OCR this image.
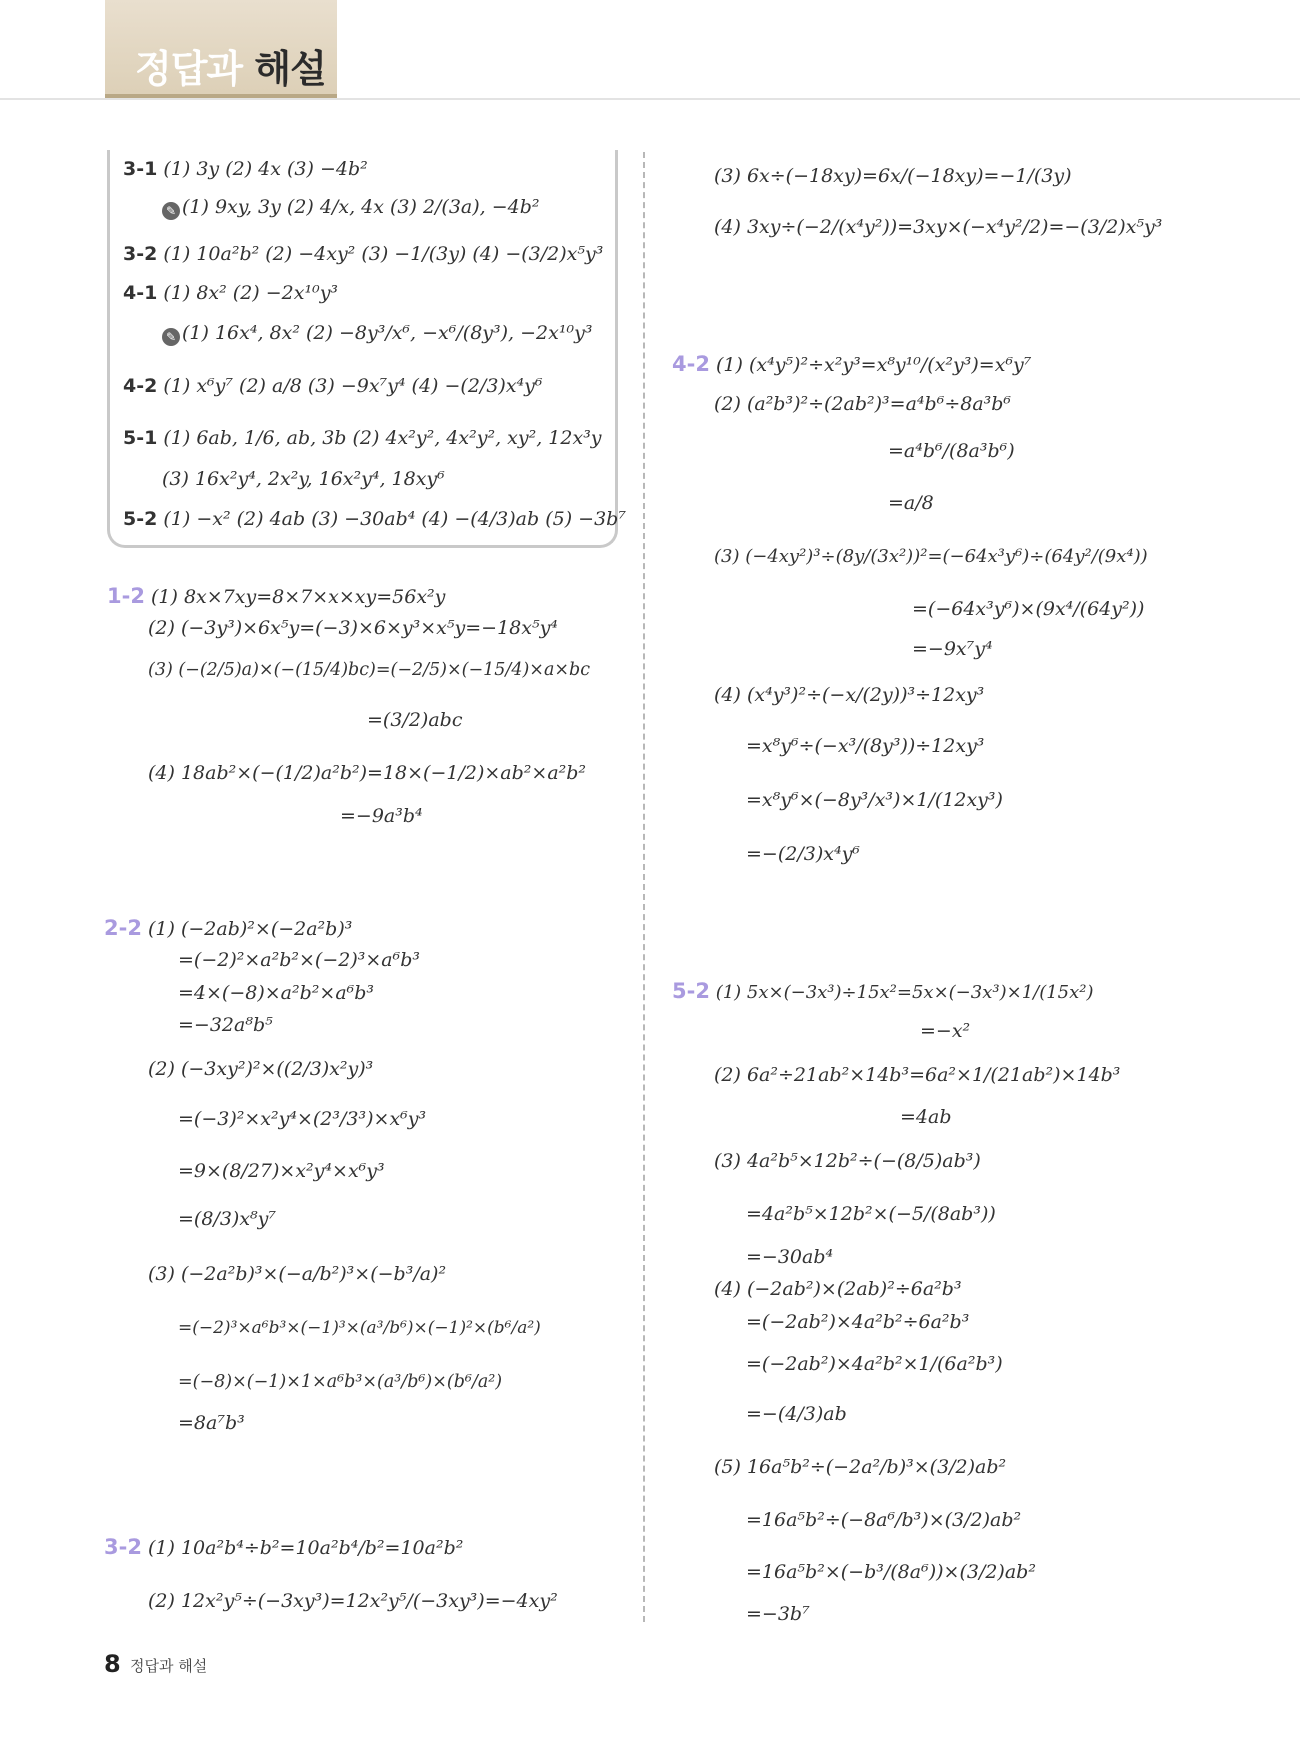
정답과 해설
3-1 (1) 3y (2) 4x (3) −4b²
✎ (1) 9xy, 3y (2) 4/x, 4x (3) 2/(3a), −4b²
3-2 (1) 10a²b² (2) −4xy² (3) −1/(3y) (4) −(3/2)x⁵y³
4-1 (1) 8x² (2) −2x¹⁰y³
✎ (1) 16x⁴, 8x² (2) −8y³/x⁶, −x⁶/(8y³), −2x¹⁰y³
4-2 (1) x⁶y⁷ (2) a/8 (3) −9x⁷y⁴ (4) −(2/3)x⁴y⁶
5-1 (1) 6ab, 1/6, ab, 3b (2) 4x²y², 4x²y², xy², 12x³y
(3) 16x²y⁴, 2x²y, 16x²y⁴, 18xy⁶
5-2 (1) −x² (2) 4ab (3) −30ab⁴ (4) −(4/3)ab (5) −3b⁷
1-2 (1) 8x×7xy=8×7×x×xy=56x²y
(2) (−3y³)×6x⁵y=(−3)×6×y³×x⁵y=−18x⁵y⁴
(3) (−(2/5)a)×(−(15/4)bc)=(−2/5)×(−15/4)×a×bc
=(3/2)abc
(4) 18ab²×(−(1/2)a²b²)=18×(−1/2)×ab²×a²b²
=−9a³b⁴
2-2 (1) (−2ab)²×(−2a²b)³
=(−2)²×a²b²×(−2)³×a⁶b³
=4×(−8)×a²b²×a⁶b³
=−32a⁸b⁵
(2) (−3xy²)²×((2/3)x²y)³
=(−3)²×x²y⁴×(2³/3³)×x⁶y³
=9×(8/27)×x²y⁴×x⁶y³
=(8/3)x⁸y⁷
(3) (−2a²b)³×(−a/b²)³×(−b³/a)²
=(−2)³×a⁶b³×(−1)³×(a³/b⁶)×(−1)²×(b⁶/a²)
=(−8)×(−1)×1×a⁶b³×(a³/b⁶)×(b⁶/a²)
=8a⁷b³
3-2 (1) 10a²b⁴÷b²=10a²b⁴/b²=10a²b²
(2) 12x²y⁵÷(−3xy³)=12x²y⁵/(−3xy³)=−4xy²
(3) 6x÷(−18xy)=6x/(−18xy)=−1/(3y)
(4) 3xy÷(−2/(x⁴y²))=3xy×(−x⁴y²/2)=−(3/2)x⁵y³
4-2 (1) (x⁴y⁵)²÷x²y³=x⁸y¹⁰/(x²y³)=x⁶y⁷
(2) (a²b³)²÷(2ab²)³=a⁴b⁶÷8a³b⁶
=a⁴b⁶/(8a³b⁶)
=a/8
(3) (−4xy²)³÷(8y/(3x²))²=(−64x³y⁶)÷(64y²/(9x⁴))
=(−64x³y⁶)×(9x⁴/(64y²))
=−9x⁷y⁴
(4) (x⁴y³)²÷(−x/(2y))³÷12xy³
=x⁸y⁶÷(−x³/(8y³))÷12xy³
=x⁸y⁶×(−8y³/x³)×1/(12xy³)
=−(2/3)x⁴y⁶
5-2 (1) 5x×(−3x³)÷15x²=5x×(−3x³)×1/(15x²)
=−x²
(2) 6a²÷21ab²×14b³=6a²×1/(21ab²)×14b³
=4ab
(3) 4a²b⁵×12b²÷(−(8/5)ab³)
=4a²b⁵×12b²×(−5/(8ab³))
=−30ab⁴
(4) (−2ab²)×(2ab)²÷6a²b³
=(−2ab²)×4a²b²÷6a²b³
=(−2ab²)×4a²b²×1/(6a²b³)
=−(4/3)ab
(5) 16a⁵b²÷(−2a²/b)³×(3/2)ab²
=16a⁵b²÷(−8a⁶/b³)×(3/2)ab²
=16a⁵b²×(−b³/(8a⁶))×(3/2)ab²
=−3b⁷
8 정답과 해설
